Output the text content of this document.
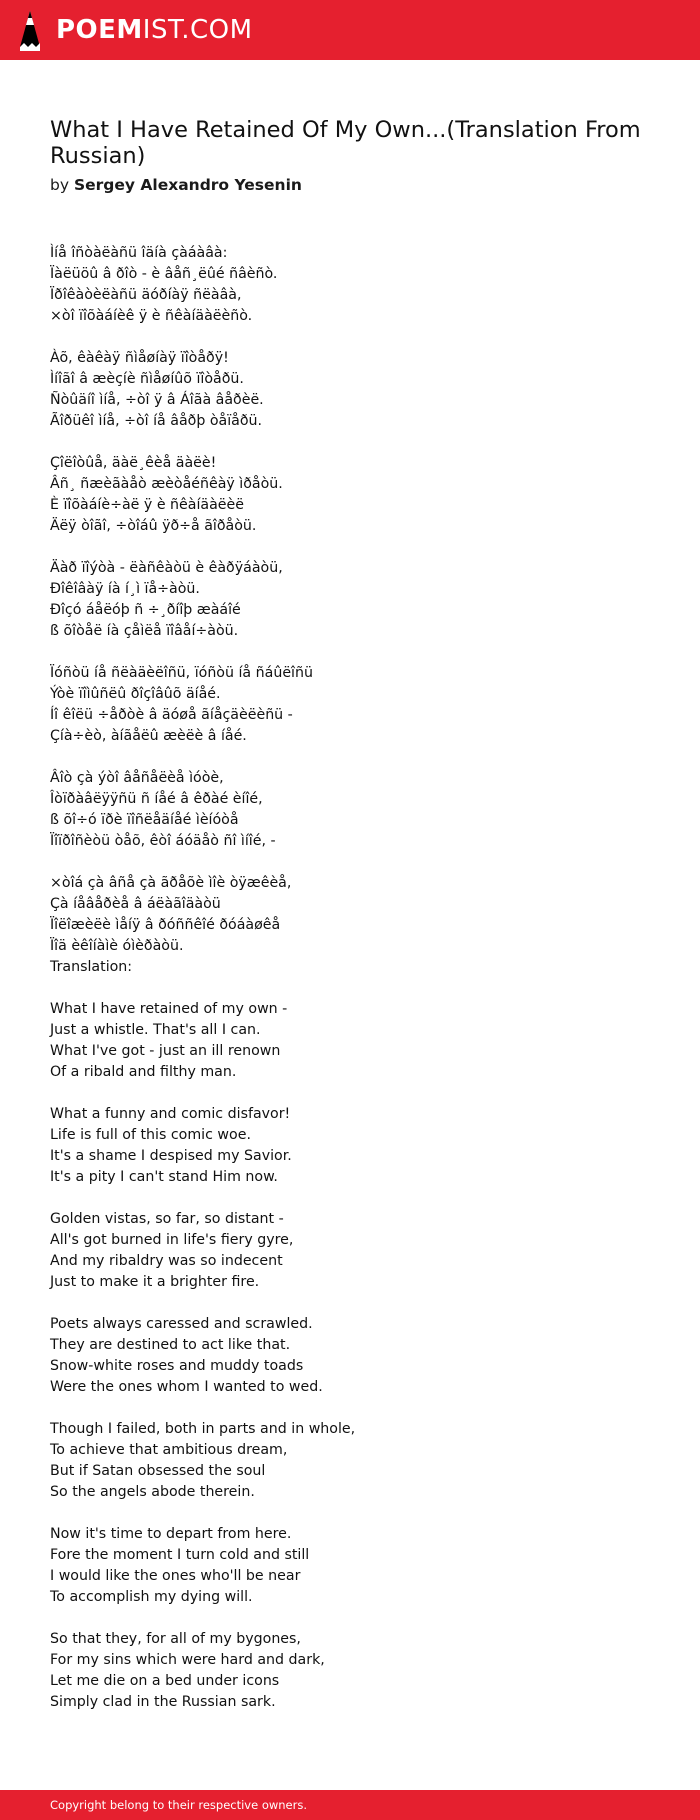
POEMIST.COM
What I Have Retained Of My Own...(Translation From Russian)
by Sergey Alexandro Yesenin
Ìíå îñòàëàñü îäíà çàáàâà:
Ïàëüöû â ðîò - è âåñ¸ëûé ñâèñò.
Ïðîêàòèëàñü äóðíàÿ ñëàâà,
×òî ïîõàáíèê ÿ è ñêàíäàëèñò.
Àõ, êàêàÿ ñìåøíàÿ ïîòåðÿ!
Ìíîãî â æèçíè ñìåøíûõ ïîòåðü.
Ñòûäíî ìíå, ÷òî ÿ â Áîãà âåðèë.
Ãîðüêî ìíå, ÷òî íå âåðþ òåïåðü.
Çîëîòûå, äàë¸êèå äàëè!
Âñ¸ ñæèãàåò æèòåéñêàÿ ìðåòü.
È ïîõàáíè÷àë ÿ è ñêàíäàëèë
Äëÿ òîãî, ÷òîáû ÿð÷å ãîðåòü.
Äàð ïîýòà - ëàñêàòü è êàðÿáàòü,
Ðîêîâàÿ íà í¸ì ïå÷àòü.
Ðîçó áåëóþ ñ ÷¸ðíîþ æàáîé
ß õîòåë íà çåìëå ïîâåí÷àòü.
Ïóñòü íå ñëàäèëîñü, ïóñòü íå ñáûëîñü
Ýòè ïîìûñëû ðîçîâûõ äíåé.
Íî êîëü ÷åðòè â äóøå ãíåçäèëèñü -
Çíà÷èò, àíãåëû æèëè â íåé.
Âîò çà ýòî âåñåëèå ìóòè,
Îòïðàâëÿÿñü ñ íåé â êðàé èíîé,
ß õî÷ó ïðè ïîñëåäíåé ìèíóòå
Ïîïðîñèòü òåõ, êòî áóäåò ñî ìíîé, -
×òîá çà âñå çà ãðåõè ìîè òÿæêèå,
Çà íåâåðèå â áëàãîäàòü
Ïîëîæèëè ìåíÿ â ðóññêîé ðóáàøêå
Ïîä èêîíàìè óìèðàòü.
Translation:
What I have retained of my own -
Just a whistle. That's all I can.
What I've got - just an ill renown
Of a ribald and filthy man.
What a funny and comic disfavor!
Life is full of this comic woe.
It's a shame I despised my Savior.
It's a pity I can't stand Him now.
Golden vistas, so far, so distant -
All's got burned in life's fiery gyre,
And my ribaldry was so indecent
Just to make it a brighter fire.
Poets always caressed and scrawled.
They are destined to act like that.
Snow-white roses and muddy toads
Were the ones whom I wanted to wed.
Though I failed, both in parts and in whole,
To achieve that ambitious dream,
But if Satan obsessed the soul
So the angels abode therein.
Now it's time to depart from here.
Fore the moment I turn cold and still
I would like the ones who'll be near
To accomplish my dying will.
So that they, for all of my bygones,
For my sins which were hard and dark,
Let me die on a bed under icons
Simply clad in the Russian sark.
Copyright belong to their respective owners.
